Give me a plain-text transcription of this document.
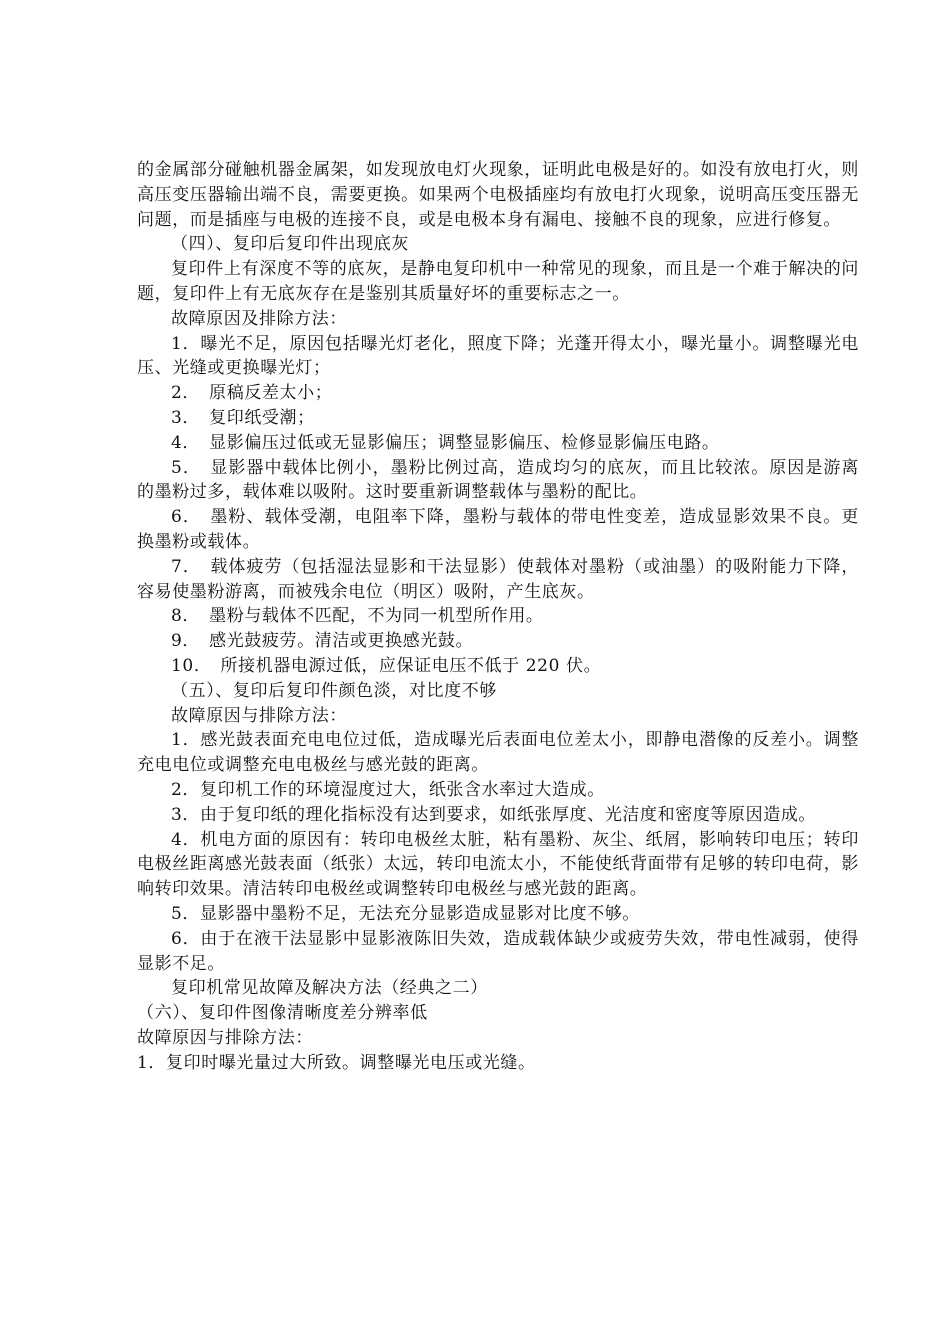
的金属部分碰触机器金属架，如发现放电灯火现象，证明此电极是好的。如没有放电打火，则高压变压器输出端不良，需要更换。如果两个电极插座均有放电打火现象，说明高压变压器无问题，而是插座与电极的连接不良，或是电极本身有漏电、接触不良的现象，应进行修复。

（四）、复印后复印件出现底灰

复印件上有深度不等的底灰，是静电复印机中一种常见的现象，而且是一个难于解决的问题，复印件上有无底灰存在是鉴别其质量好坏的重要标志之一。

故障原因及排除方法：

1．曝光不足，原因包括曝光灯老化，照度下降；光蓬开得太小，曝光量小。调整曝光电压、光缝或更换曝光灯；

2．　原稿反差太小；

3．　复印纸受潮；

4．　显影偏压过低或无显影偏压；调整显影偏压、检修显影偏压电路。

5．　显影器中载体比例小，墨粉比例过高，造成均匀的底灰，而且比较浓。原因是游离的墨粉过多，载体难以吸附。这时要重新调整载体与墨粉的配比。

6．　墨粉、载体受潮，电阻率下降，墨粉与载体的带电性变差，造成显影效果不良。更换墨粉或载体。

7．　载体疲劳（包括湿法显影和干法显影）使载体对墨粉（或油墨）的吸附能力下降，容易使墨粉游离，而被残余电位（明区）吸附，产生底灰。

8．　墨粉与载体不匹配，不为同一机型所作用。

9．　感光鼓疲劳。清洁或更换感光鼓。

10．　所接机器电源过低，应保证电压不低于 220 伏。

（五）、复印后复印件颜色淡，对比度不够

故障原因与排除方法：

1．感光鼓表面充电电位过低，造成曝光后表面电位差太小，即静电潜像的反差小。调整充电电位或调整充电电极丝与感光鼓的距离。

2．复印机工作的环境湿度过大，纸张含水率过大造成。

3．由于复印纸的理化指标没有达到要求，如纸张厚度、光洁度和密度等原因造成。

4．机电方面的原因有：转印电极丝太脏，粘有墨粉、灰尘、纸屑，影响转印电压；转印电极丝距离感光鼓表面（纸张）太远，转印电流太小，不能使纸背面带有足够的转印电荷，影响转印效果。清洁转印电极丝或调整转印电极丝与感光鼓的距离。

5．显影器中墨粉不足，无法充分显影造成显影对比度不够。

6．由于在液干法显影中显影液陈旧失效，造成载体缺少或疲劳失效，带电性减弱，使得显影不足。

复印机常见故障及解决方法（经典之二）

（六）、复印件图像清晰度差分辨率低

故障原因与排除方法：

1．复印时曝光量过大所致。调整曝光电压或光缝。
